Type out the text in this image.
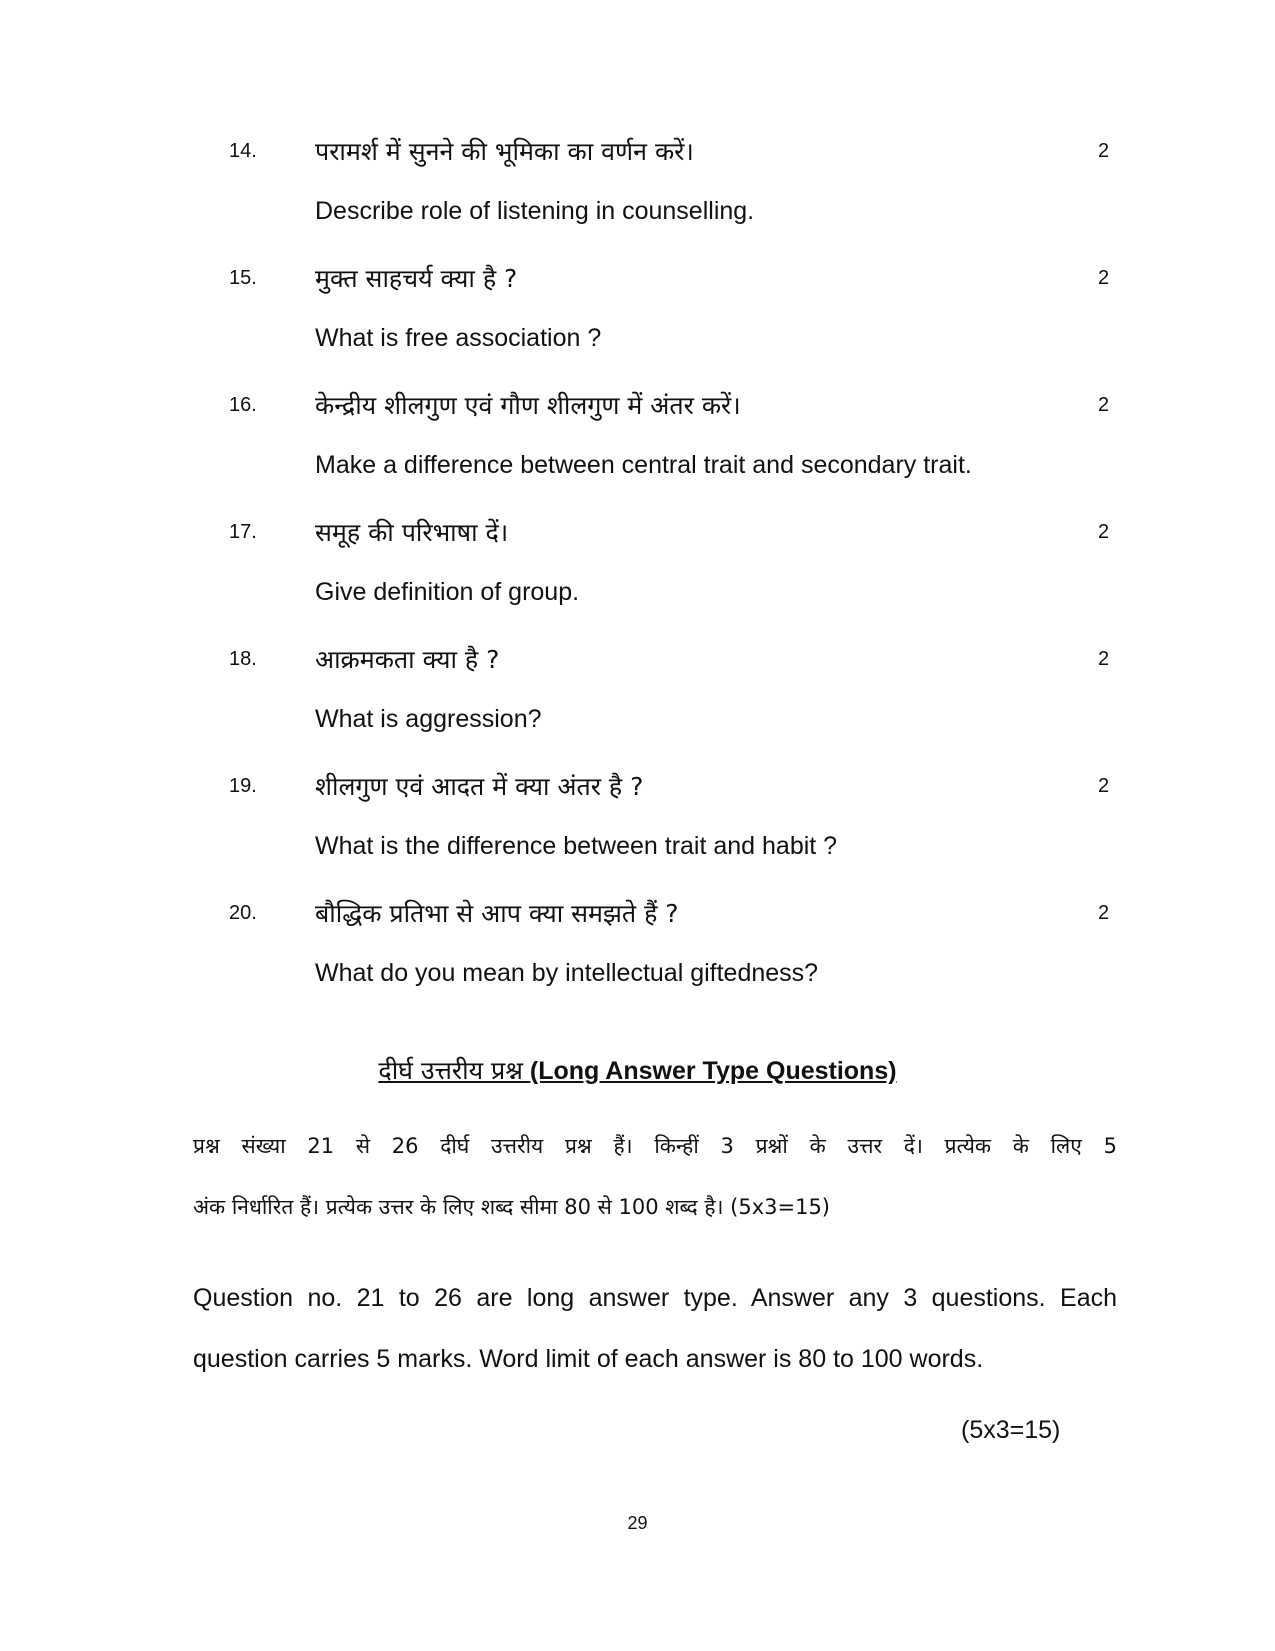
14. परामर्श में सुनने की भूमिका का वर्णन करें।	2
Describe role of listening in counselling.
15. मुक्त साहचर्य क्या है ?	2
What is free association ?
16. केन्द्रीय शीलगुण एवं गौण शीलगुण में अंतर करें।	2
Make a difference between central trait and secondary trait.
17. समूह की परिभाषा दें।	2
Give definition of group.
18. आक्रमकता क्या है ?	2
What is aggression?
19. शीलगुण एवं आदत में क्या अंतर है ?	2
What is the difference between trait and habit ?
20. बौद्धिक प्रतिभा से आप क्या समझते हैं ?	2
What do you mean by intellectual giftedness?
दीर्घ उत्तरीय प्रश्न (Long Answer Type Questions)
प्रश्न संख्या 21 से 26 दीर्घ उत्तरीय प्रश्न हैं। किन्हीं 3 प्रश्नों के उत्तर दें। प्रत्येक के लिए 5
अंक निर्धारित हैं। प्रत्येक उत्तर के लिए शब्द सीमा 80 से 100 शब्द है। (5x3=15)
Question no. 21 to 26 are long answer type. Answer any 3 questions. Each
question carries 5 marks. Word limit of each answer is 80 to 100 words.
(5x3=15)
29
